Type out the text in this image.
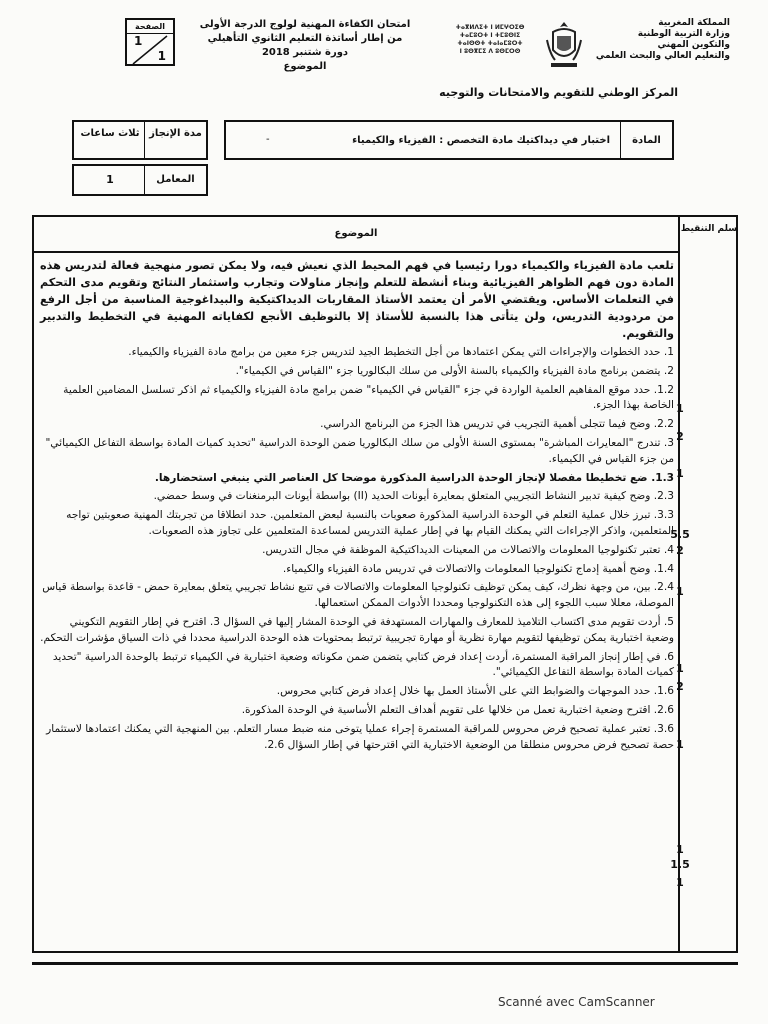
المملكة المغربية
وزارة التربية الوطنية
والتكوين المهني
والتعليم العالي والبحث العلمي
ⵜⴰⴳⵍⴷⵉⵜ ⵏ ⵍⵎⵖⵔⵉⴱ
ⵜⴰⵎⵓⵔⵜ ⵏ ⵜⵎⵓⵙⵏⵉ
ⵜⴰⵏⵙⵙⵜ ⵜⴰⵏⴰⵎⵓⵔⵜ
ⵏ ⵓⵙⴳⵎⵉ ⴷ ⵓⵙⵎⵔⵙ
امتحان الكفاءة المهنية لولوج الدرجة الأولى
من إطار أساتذة التعليم الثانوي التأهيلي
دورة شتنبر 2018
الموضوع
الصفحة
1
1
المركز الوطني للتقويم والامتحانات والتوجيه
المادة
اختبار في ديداكتيك مادة التخصص : الفيزياء والكيمياء
-
مدة الإنجاز
ثلاث ساعات
المعامل
1
الموضوع	سلم التنقيط
تلعب مادة الفيزياء والكيمياء دورا رئيسيا في فهم المحيط الذي نعيش فيه، ولا يمكن تصور منهجية فعالة لتدريس هذه المادة دون فهم الظواهر الفيزيائية وبناء أنشطة للتعلم وإنجاز مناولات وتجارب واستثمار النتائج وتقويم مدى التحكم في التعلمات الأساس. ويقتضي الأمر أن يعتمد الأستاذ المقاربات الديداكتيكية والبيداغوجية المناسبة من أجل الرفع من مردودية التدريس، ولن يتأتى هذا بالنسبة للأستاذ إلا بالتوظيف الأنجع لكفاياته المهنية في التخطيط والتدبير والتقويم.
1. حدد الخطوات والإجراءات التي يمكن اعتمادها من أجل التخطيط الجيد لتدريس جزء معين من برامج مادة الفيزياء والكيمياء.
2. يتضمن برنامج مادة الفيزياء والكيمياء بالسنة الأولى من سلك البكالوريا جزء "القياس في الكيمياء".
1.2. حدد موقع المفاهيم العلمية الواردة في جزء "القياس في الكيمياء" ضمن برامج مادة الفيزياء والكيمياء ثم اذكر تسلسل المضامين العلمية الخاصة بهذا الجزء.
2.2. وضح فيما تتجلى أهمية التجريب في تدريس هذا الجزء من البرنامج الدراسي.
3. تندرج "المعايرات المباشرة" بمستوى السنة الأولى من سلك البكالوريا ضمن الوحدة الدراسية "تحديد كميات المادة بواسطة التفاعل الكيميائي" من جزء القياس في الكيمياء.
1.3. ضع تخطيطا مفصلا لإنجاز الوحدة الدراسية المذكورة موضحا كل العناصر التي ينبغي استحضارها.
2.3. وضح كيفية تدبير النشاط التجريبي المتعلق بمعايرة أيونات الحديد (II) بواسطة أيونات البرمنغنات في وسط حمضي.
3.3. تبرز خلال عملية التعلم في الوحدة الدراسية المذكورة صعوبات بالنسبة لبعض المتعلمين. حدد انطلاقا من تجربتك المهنية صعوبتين تواجه المتعلمين، واذكر الإجراءات التي يمكنك القيام بها في إطار عملية التدريس لمساعدة المتعلمين على تجاوز هذه الصعوبات.
4. تعتبر تكنولوجيا المعلومات والاتصالات من المعينات الديداكتيكية الموظفة في مجال التدريس.
1.4. وضح أهمية إدماج تكنولوجيا المعلومات والاتصالات في تدريس مادة الفيزياء والكيمياء.
2.4. بين، من وجهة نظرك، كيف يمكن توظيف تكنولوجيا المعلومات والاتصالات في تتبع نشاط تجريبي يتعلق بمعايرة حمض - قاعدة بواسطة قياس الموصلة، معللا سبب اللجوء إلى هذه التكنولوجيا ومحددا الأدوات الممكن استعمالها.
5. أردت تقويم مدى اكتساب التلاميذ للمعارف والمهارات المستهدفة في الوحدة المشار إليها في السؤال 3. اقترح في إطار التقويم التكويني وضعية اختبارية يمكن توظيفها لتقويم مهارة نظرية أو مهارة تجريبية ترتبط بمحتويات هذه الوحدة الدراسية محددا في ذات السياق مؤشرات التحكم.
6. في إطار إنجاز المراقبة المستمرة، أردت إعداد فرض كتابي يتضمن ضمن مكوناته وضعية اختبارية في الكيمياء ترتبط بالوحدة الدراسية "تحديد كميات المادة بواسطة التفاعل الكيميائي".
1.6. حدد الموجهات والضوابط التي على الأستاذ العمل بها خلال إعداد فرض كتابي محروس.
2.6. اقترح وضعية اختبارية تعمل من خلالها على تقويم أهداف التعلم الأساسية في الوحدة المذكورة.
3.6. تعتبر عملية تصحيح فرض محروس للمراقبة المستمرة إجراء عمليا يتوخى منه ضبط مسار التعلم. بين المنهجية التي يمكنك اعتمادها لاستثمار حصة تصحيح فرض محروس منطلقا من الوضعية الاختبارية التي اقترحتها في إطار السؤال 2.6.
1
2
1
5.5
2
1
1
2
1
1
1.5
1
Scanné avec CamScanner
